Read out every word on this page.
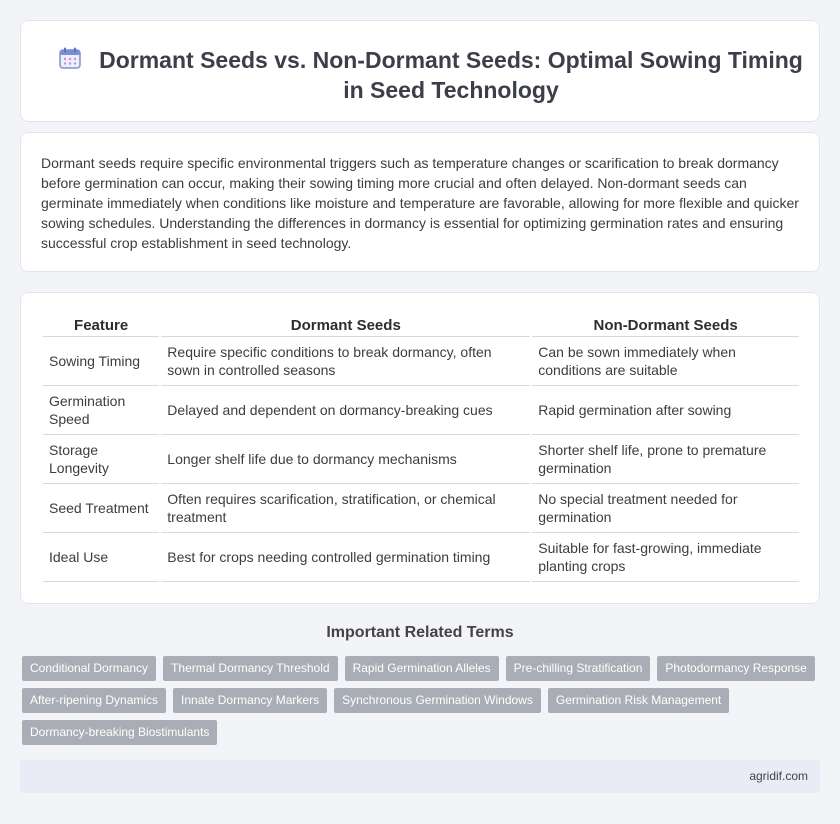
Dormant Seeds vs. Non-Dormant Seeds: Optimal Sowing Timing in Seed Technology

Dormant seeds require specific environmental triggers such as temperature changes or scarification to break dormancy before germination can occur, making their sowing timing more crucial and often delayed. Non-dormant seeds can germinate immediately when conditions like moisture and temperature are favorable, allowing for more flexible and quicker sowing schedules. Understanding the differences in dormancy is essential for optimizing germination rates and ensuring successful crop establishment in seed technology.

Feature	Dormant Seeds	Non-Dormant Seeds
Sowing Timing	Require specific conditions to break dormancy, often sown in controlled seasons	Can be sown immediately when conditions are suitable
Germination Speed	Delayed and dependent on dormancy-breaking cues	Rapid germination after sowing
Storage Longevity	Longer shelf life due to dormancy mechanisms	Shorter shelf life, prone to premature germination
Seed Treatment	Often requires scarification, stratification, or chemical treatment	No special treatment needed for germination
Ideal Use	Best for crops needing controlled germination timing	Suitable for fast-growing, immediate planting crops
Important Related Terms
Conditional Dormancy	Thermal Dormancy Threshold	Rapid Germination Alleles	Pre-chilling Stratification	Photodormancy Response
After-ripening Dynamics	Innate Dormancy Markers	Synchronous Germination Windows	Germination Risk Management
Dormancy-breaking Biostimulants
agridif.com
